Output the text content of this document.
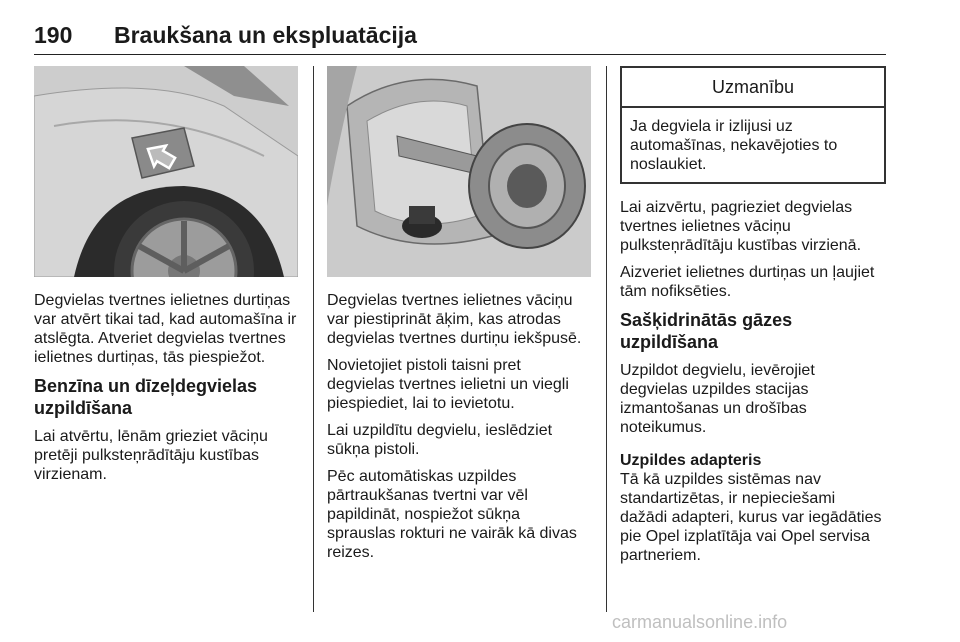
190 Braukšana un ekspluatācija

Degvielas tvertnes ielietnes durtiņas var atvērt tikai tad, kad automašīna ir atslēgta. Atveriet degvielas tvertnes ielietnes durtiņas, tās piespiežot.

Benzīna un dīzeļdegvielas uzpildīšana

Lai atvērtu, lēnām grieziet vāciņu pretēji pulksteņrādītāju kustības virzienam.

Degvielas tvertnes ielietnes vāciņu var piestiprināt āķim, kas atrodas degvielas tvertnes durtiņu iekšpusē.

Novietojiet pistoli taisni pret degvielas tvertnes ielietni un viegli piespiediet, lai to ievietotu.

Lai uzpildītu degvielu, ieslēdziet sūkņa pistoli.

Pēc automātiskas uzpildes pārtraukšanas tvertni var vēl papildināt, nospiežot sūkņa sprauslas rokturi ne vairāk kā divas reizes.

Uzmanību
Ja degviela ir izlijusi uz automašīnas, nekavējoties to noslaukiet.

Lai aizvērtu, pagrieziet degvielas tvertnes ielietnes vāciņu pulksteņrādītāju kustības virzienā.

Aizveriet ielietnes durtiņas un ļaujiet tām nofiksēties.

Sašķidrinātās gāzes uzpildīšana

Uzpildot degvielu, ievērojiet degvielas uzpildes stacijas izmantošanas un drošības noteikumus.

Uzpildes adapteris

Tā kā uzpildes sistēmas nav standartizētas, ir nepieciešami dažādi adapteri, kurus var iegādāties pie Opel izplatītāja vai Opel servisa partneriem.

carmanualsonline.info
